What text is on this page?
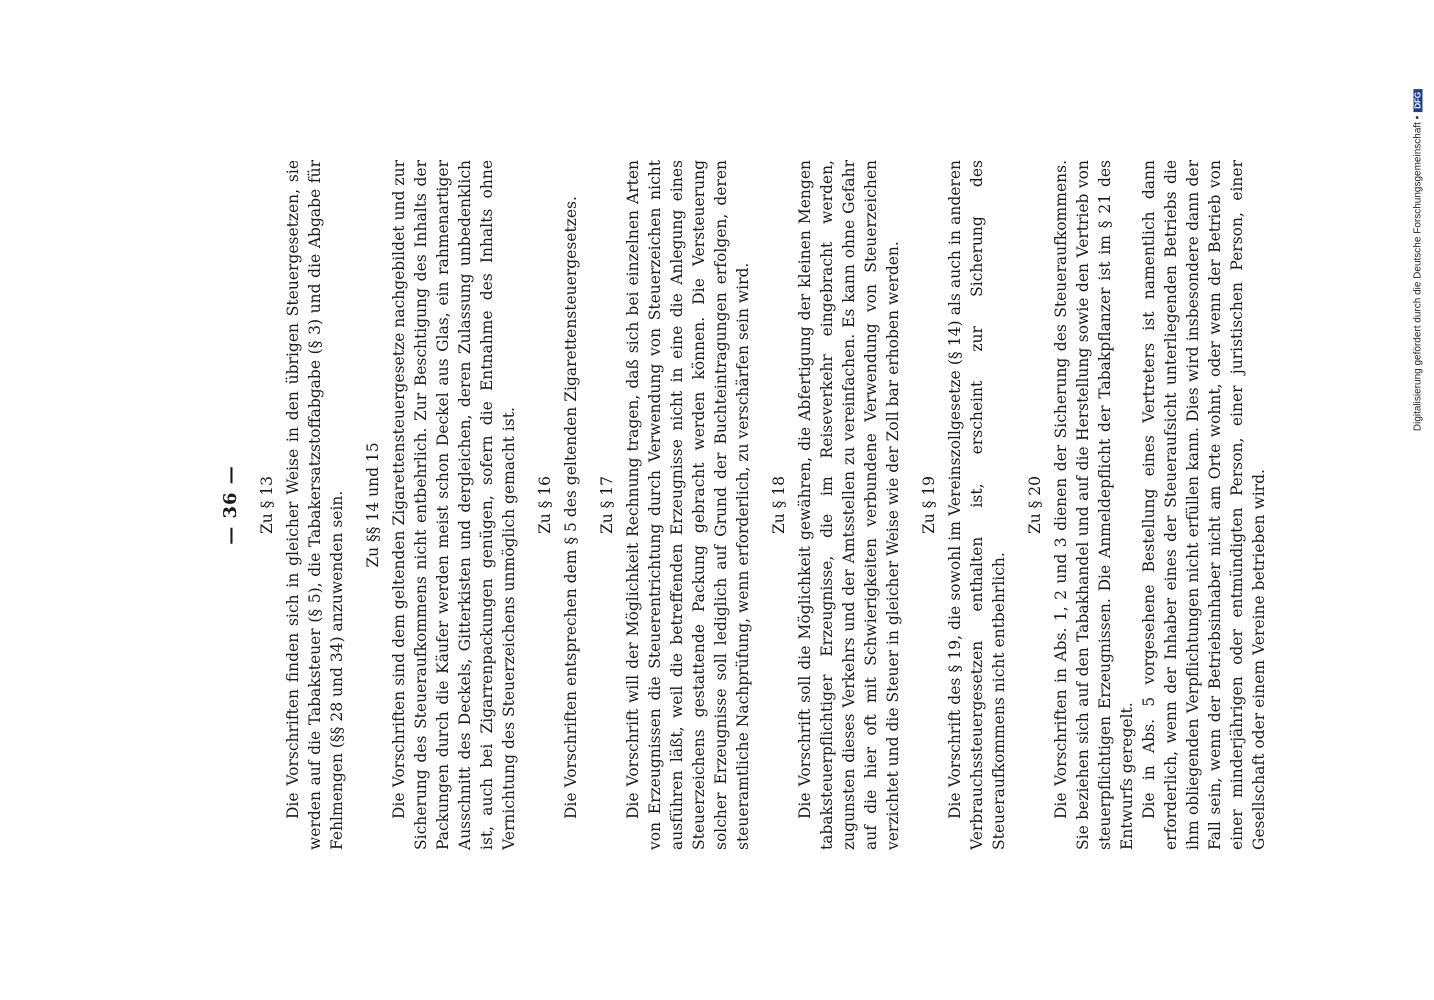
— 36 — Zu § 13 Die Vorschriften finden sich in gleicher Weise in den übrigen Steuergesetzen, sie werden auf die Tabaksteuer (§ 5), die Tabakersatzstoffabgabe (§ 3) und die Abgabe für Fehlmengen (§§ 28 und 34) anzuwenden sein. Zu §§ 14 und 15 Die Vorschriften sind dem geltenden Zigarettensteuergesetze nachgebildet und zur Sicherung des Steueraufkommens nicht entbehrlich. Zur Beschtigung des Inhalts der Packungen durch die Käufer werden meist schon Deckel aus Glas, ein rahmenartiger Ausschnitt des Deckels, Gitterkisten und dergleichen, deren Zulassung unbedenklich ist, auch bei Zigarrenpackungen genügen, sofern die Entnahme des Inhalts ohne Vernichtung des Steuerzeichens unmöglich gemacht ist. Zu § 16 Die Vorschriften entsprechen dem § 5 des geltenden Zigarettensteuergesetzes. Zu § 17 Die Vorschrift will der Möglichkeit Rechnung tragen, daß sich bei einzelnen Arten von Erzeugnissen die Steuerentrichtung durch Verwendung von Steuerzeichen nicht ausführen läßt, weil die betreffenden Erzeugnisse nicht in eine die Anlegung eines Steuerzeichens gestattende Packung gebracht werden können. Die Versteuerung solcher Erzeugnisse soll lediglich auf Grund der Buchteintragungen erfolgen, deren steueramtliche Nachprüfung, wenn erforderlich, zu verschärfen sein wird. Zu § 18 Die Vorschrift soll die Möglichkeit gewähren, die Abfertigung der kleinen Mengen tabaksteuerpflichtiger Erzeugnisse, die im Reiseverkehr eingebracht werden, zugunsten dieses Verkehrs und der Amtsstellen zu vereinfachen. Es kann ohne Gefahr auf die hier oft mit Schwierigkeiten verbundene Verwendung von Steuerzeichen verzichtet und die Steuer in gleicher Weise wie der Zoll bar erhoben werden. Zu § 19 Die Vorschrift des § 19, die sowohl im Vereinszollgesetze (§ 14) als auch in anderen Verbrauchssteuergesetzen enthalten ist, erscheint zur Sicherung des Steueraufkommens nicht entbehrlich.

Zu § 20 Die Vorschriften in Abs. 1, 2 und 3 dienen der Sicherung des Steueraufkommens. Sie beziehen sich auf den Tabakhandel und auf die Herstellung sowie den Vertrieb von steuerpflichtigen Erzeugnissen. Die Anmeldepflicht der Tabakpflanzer ist im § 21 des Entwurfs geregelt. Die in Abs. 5 vorgesehene Bestellung eines Vertreters ist namentlich dann erforderlich, wenn der Inhaber eines der Steueraufsicht unterliegenden Betriebs die ihm obliegenden Verpflichtungen nicht erfüllen kann. Dies wird insbesondere dann der Fall sein, wenn der Betriebsinhaber nicht am Orte wohnt, oder wenn der Betrieb von einer minderjährigen oder entmündigten Person, einer juristischen Person, einer Gesellschaft oder einem Vereine betrieben wird.

Digitalisierung gefördert durch die Deutsche Forschungsgemeinschaft •DFG
